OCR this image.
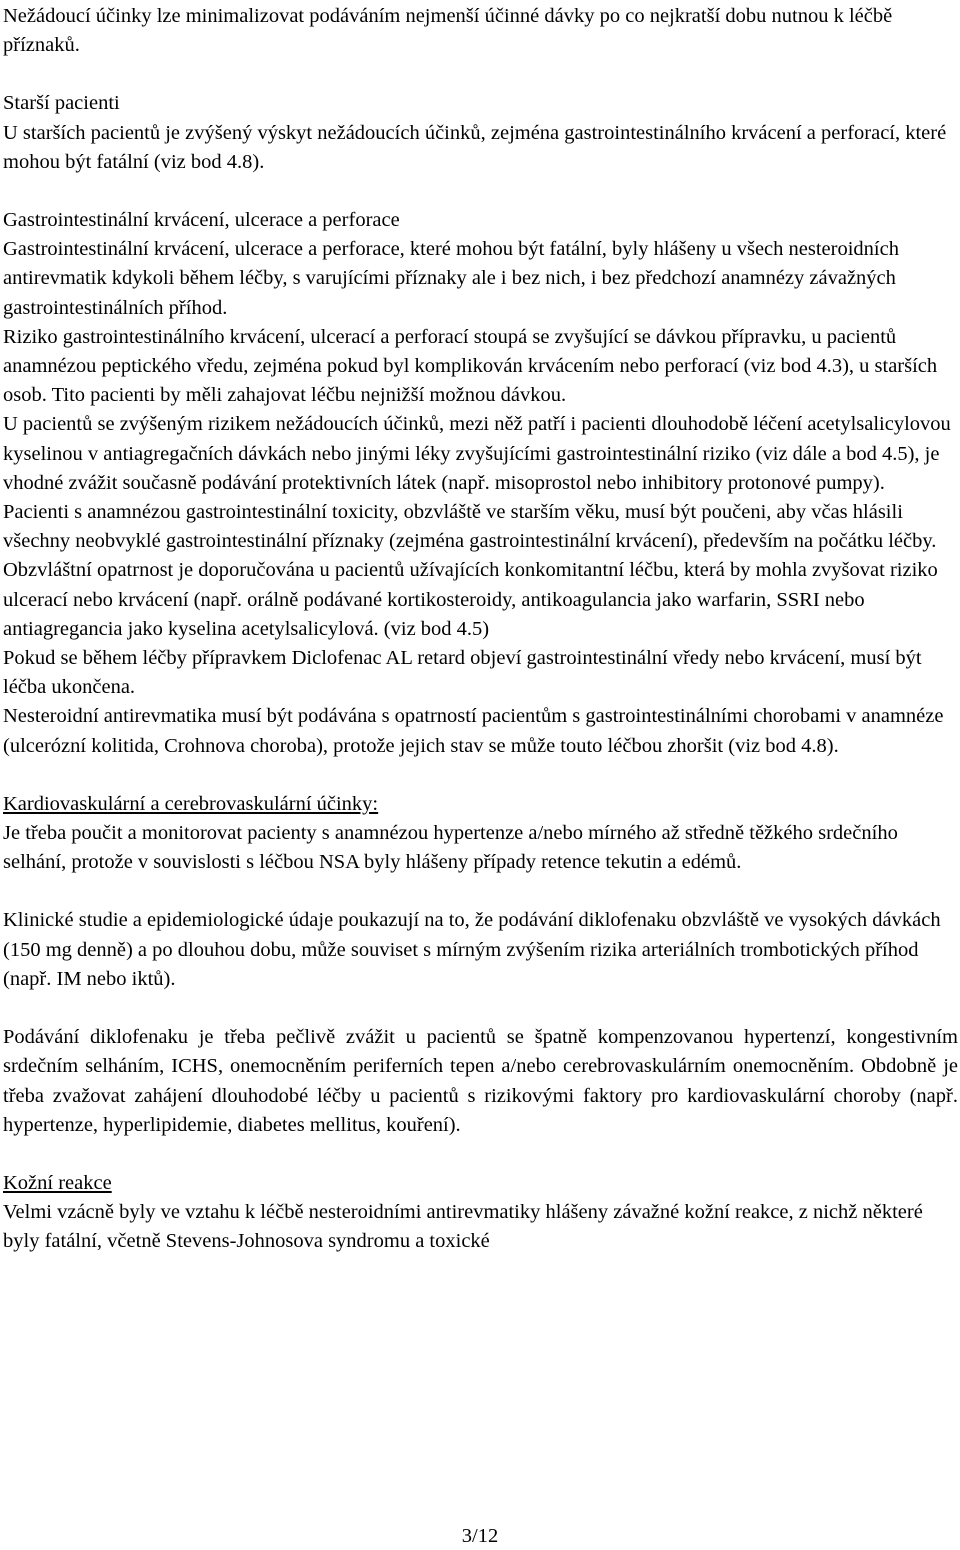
Nežádoucí účinky lze minimalizovat podáváním nejmenší účinné dávky po co nejkratší dobu nutnou k léčbě příznaků.

Starší pacienti

U starších pacientů je zvýšený výskyt nežádoucích účinků, zejména gastrointestinálního krvácení a perforací, které mohou být fatální (viz bod 4.8).

Gastrointestinální krvácení, ulcerace a perforace

Gastrointestinální krvácení, ulcerace a perforace, které mohou být fatální, byly hlášeny u všech nesteroidních antirevmatik kdykoli během léčby, s varujícími příznaky ale i bez nich, i bez předchozí anamnézy závažných gastrointestinálních příhod.

Riziko gastrointestinálního krvácení, ulcerací a perforací stoupá se zvyšující se dávkou přípravku, u pacientů anamnézou peptického vředu, zejména pokud byl komplikován krvácením nebo perforací (viz bod 4.3), u starších osob. Tito pacienti by měli zahajovat léčbu nejnižší možnou dávkou.

U pacientů se zvýšeným rizikem nežádoucích účinků, mezi něž patří i pacienti dlouhodobě léčení acetylsalicylovou kyselinou v antiagregačních dávkách nebo jinými léky zvyšujícími gastrointestinální riziko (viz dále a bod 4.5), je vhodné zvážit současně podávání protektivních látek (např. misoprostol nebo inhibitory protonové pumpy).

Pacienti s anamnézou gastrointestinální toxicity, obzvláště ve starším věku, musí být poučeni, aby včas hlásili všechny neobvyklé gastrointestinální příznaky (zejména gastrointestinální krvácení), především na počátku léčby.

Obzvláštní opatrnost je doporučována u pacientů užívajících konkomitantní léčbu, která by mohla zvyšovat riziko ulcerací nebo krvácení (např. orálně podávané kortikosteroidy, antikoagulancia jako warfarin, SSRI nebo antiagregancia jako kyselina acetylsalicylová. (viz bod 4.5)

Pokud se během léčby přípravkem Diclofenac AL retard objeví gastrointestinální vředy nebo krvácení, musí být léčba ukončena.

Nesteroidní antirevmatika musí být podávána s opatrností pacientům s gastrointestinálními chorobami v anamnéze (ulcerózní kolitida, Crohnova choroba), protože jejich stav se může touto léčbou zhoršit (viz bod 4.8).

Kardiovaskulární a cerebrovaskulární účinky:

Je třeba poučit a monitorovat pacienty s anamnézou hypertenze a/nebo mírného až středně těžkého srdečního selhání, protože v souvislosti s léčbou NSA byly hlášeny případy retence tekutin a edémů.

Klinické studie a epidemiologické údaje poukazují na to, že podávání diklofenaku obzvláště ve vysokých dávkách (150 mg denně) a po dlouhou dobu, může souviset s mírným zvýšením rizika arteriálních trombotických příhod (např. IM nebo iktů).

Podávání diklofenaku je třeba pečlivě zvážit u pacientů se špatně kompenzovanou hypertenzí, kongestivním srdečním selháním, ICHS, onemocněním periferních tepen a/nebo cerebrovaskulárním onemocněním. Obdobně je třeba zvažovat zahájení dlouhodobé léčby u pacientů s rizikovými faktory pro kardiovaskulární choroby (např. hypertenze, hyperlipidemie, diabetes mellitus, kouření).

Kožní reakce

Velmi vzácně byly ve vztahu k léčbě nesteroidními antirevmatiky hlášeny závažné kožní reakce, z nichž některé byly fatální, včetně Stevens-Johnosova syndromu a toxické

3/12
